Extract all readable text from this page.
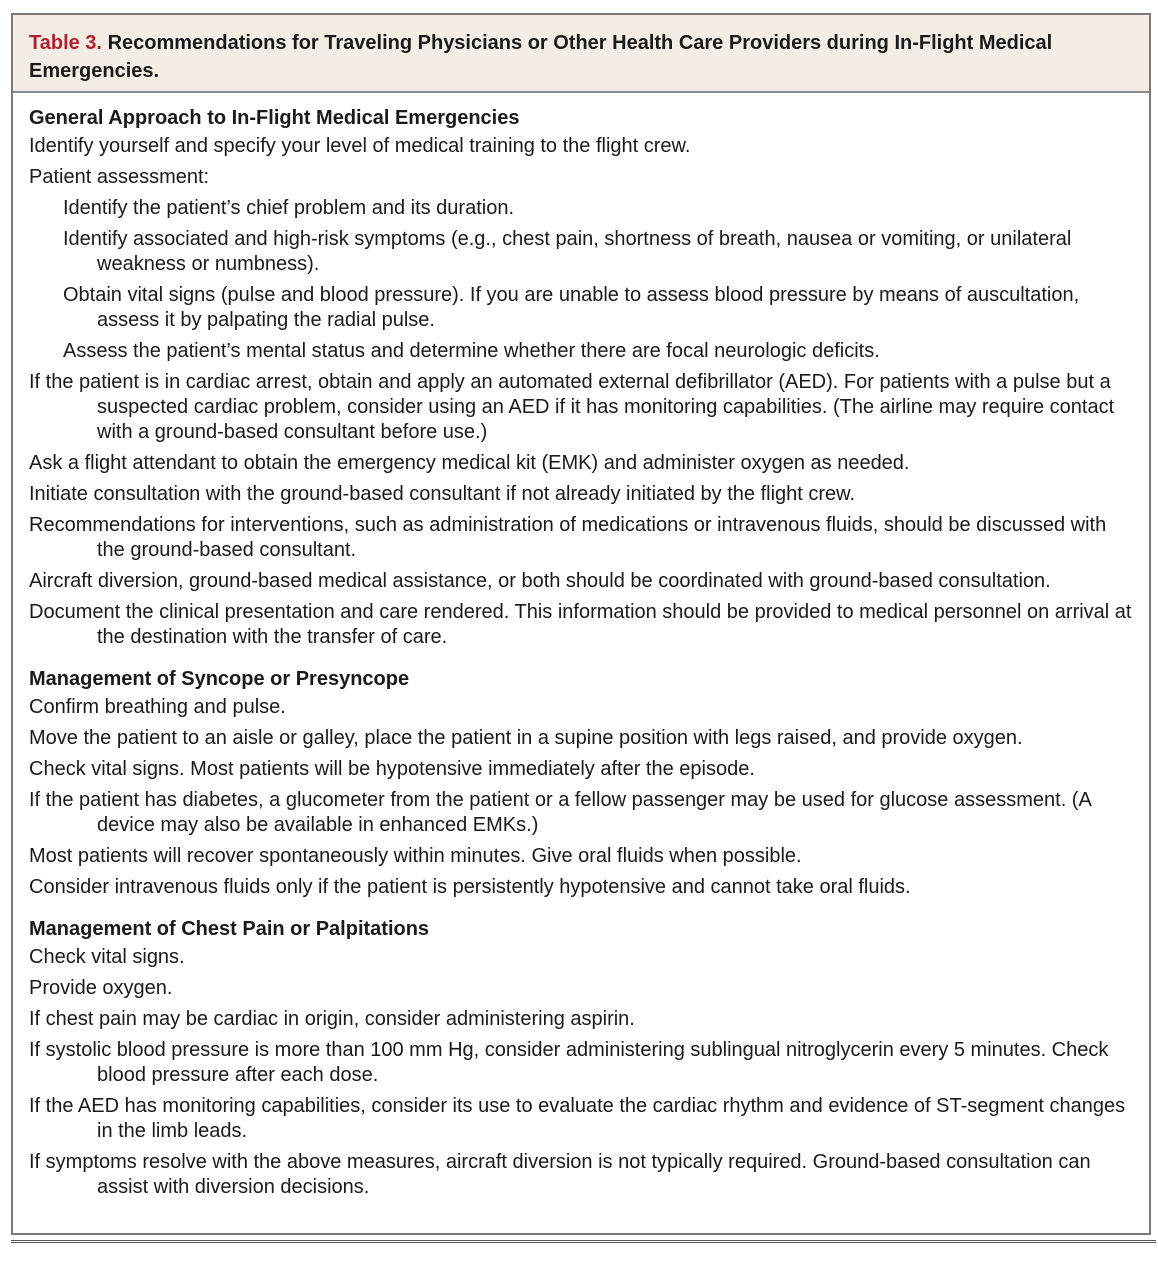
Table 3. Recommendations for Traveling Physicians or Other Health Care Providers during In-Flight Medical Emergencies.
General Approach to In-Flight Medical Emergencies
Identify yourself and specify your level of medical training to the flight crew.
Patient assessment:
Identify the patient’s chief problem and its duration.
Identify associated and high-risk symptoms (e.g., chest pain, shortness of breath, nausea or vomiting, or unilateral weakness or numbness).
Obtain vital signs (pulse and blood pressure). If you are unable to assess blood pressure by means of auscultation, assess it by palpating the radial pulse.
Assess the patient’s mental status and determine whether there are focal neurologic deficits.
If the patient is in cardiac arrest, obtain and apply an automated external defibrillator (AED). For patients with a pulse but a suspected cardiac problem, consider using an AED if it has monitoring capabilities. (The airline may require contact with a ground-based consultant before use.)
Ask a flight attendant to obtain the emergency medical kit (EMK) and administer oxygen as needed.
Initiate consultation with the ground-based consultant if not already initiated by the flight crew.
Recommendations for interventions, such as administration of medications or intravenous fluids, should be discussed with the ground-based consultant.
Aircraft diversion, ground-based medical assistance, or both should be coordinated with ground-based consultation.
Document the clinical presentation and care rendered. This information should be provided to medical personnel on arrival at the destination with the transfer of care.
Management of Syncope or Presyncope
Confirm breathing and pulse.
Move the patient to an aisle or galley, place the patient in a supine position with legs raised, and provide oxygen.
Check vital signs. Most patients will be hypotensive immediately after the episode.
If the patient has diabetes, a glucometer from the patient or a fellow passenger may be used for glucose assessment. (A device may also be available in enhanced EMKs.)
Most patients will recover spontaneously within minutes. Give oral fluids when possible.
Consider intravenous fluids only if the patient is persistently hypotensive and cannot take oral fluids.
Management of Chest Pain or Palpitations
Check vital signs.
Provide oxygen.
If chest pain may be cardiac in origin, consider administering aspirin.
If systolic blood pressure is more than 100 mm Hg, consider administering sublingual nitroglycerin every 5 minutes. Check blood pressure after each dose.
If the AED has monitoring capabilities, consider its use to evaluate the cardiac rhythm and evidence of ST-segment changes in the limb leads.
If symptoms resolve with the above measures, aircraft diversion is not typically required. Ground-based consultation can assist with diversion decisions.
